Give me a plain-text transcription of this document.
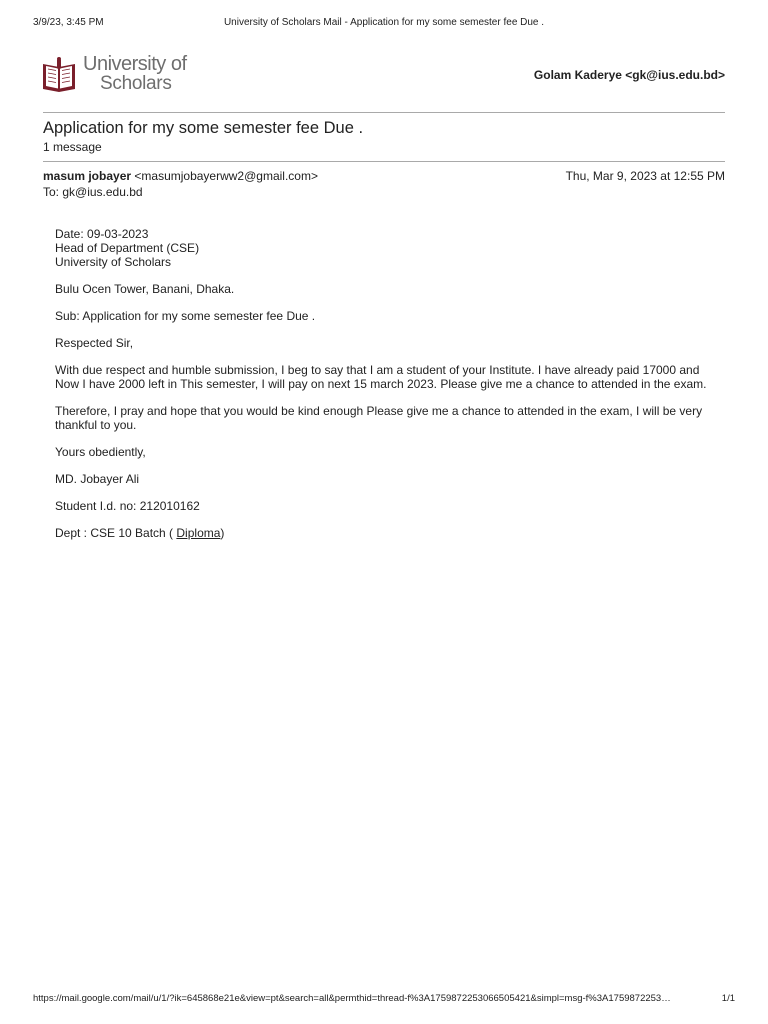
3/9/23, 3:45 PM	University of Scholars Mail - Application for my some semester fee Due .
University of
Scholars	Golam Kaderye <gk@ius.edu.bd>
Application for my some semester fee Due .
1 message
masum jobayer <masumjobayerww2@gmail.com>	Thu, Mar 9, 2023 at 12:55 PM
To: gk@ius.edu.bd

Date: 09-03-2023
Head of Department (CSE)
University of Scholars

Bulu Ocen Tower, Banani, Dhaka.

Sub: Application for my some semester fee Due .

Respected Sir,

With due respect and humble submission, I beg to say that I am a student of your Institute. I have already paid 17000 and Now I have 2000 left in This semester, I will pay on next 15 march 2023. Please give me a chance to attended in the exam.

Therefore, I pray and hope that you would be kind enough Please give me a chance to attended in the exam, I will be very thankful to you.

Yours obediently,

MD. Jobayer Ali

Student I.d. no: 212010162

Dept : CSE 10 Batch ( Diploma)

https://mail.google.com/mail/u/1/?ik=645868e21e&view=pt&search=all&permthid=thread-f%3A1759872253066505421&simpl=msg-f%3A1759872253…	1/1
